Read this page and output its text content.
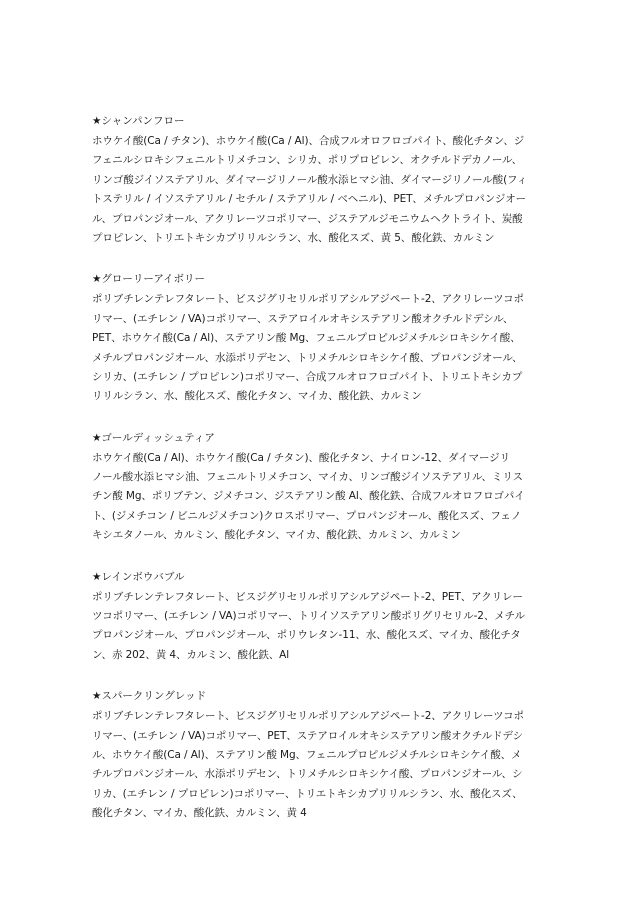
★シャンパンフロー
ホウケイ酸(Ca / チタン)、ホウケイ酸(Ca / Al)、合成フルオロフロゴパイト、酸化チタン、ジ
フェニルシロキシフェニルトリメチコン、シリカ、ポリプロピレン、オクチルドデカノール、
リンゴ酸ジイソステアリル、ダイマージリノール酸水添ヒマシ油、ダイマージリノール酸(フィ
トステリル / イソステアリル / セチル / ステアリル / ベヘニル)、PET、メチルプロパンジオー
ル、プロパンジオール、アクリレーツコポリマー、ジステアルジモニウムヘクトライト、炭酸
プロピレン、トリエトキシカプリリルシラン、水、酸化スズ、黄 5、酸化鉄、カルミン
★グローリーアイボリー
ポリブチレンテレフタレート、ビスジグリセリルポリアシルアジペート-2、アクリレーツコポ
リマー、(エチレン / VA)コポリマー、ステアロイルオキシステアリン酸オクチルドデシル、
PET、ホウケイ酸(Ca / Al)、ステアリン酸 Mg、フェニルプロピルジメチルシロキシケイ酸、
メチルプロパンジオール、水添ポリデセン、トリメチルシロキシケイ酸、プロパンジオール、
シリカ、(エチレン / プロピレン)コポリマー、合成フルオロフロゴパイト、トリエトキシカプ
リリルシラン、水、酸化スズ、酸化チタン、マイカ、酸化鉄、カルミン
★ゴールディッシュティア
ホウケイ酸(Ca / Al)、ホウケイ酸(Ca / チタン)、酸化チタン、ナイロン-12、ダイマージリ
ノール酸水添ヒマシ油、フェニルトリメチコン、マイカ、リンゴ酸ジイソステアリル、ミリス
チン酸 Mg、ポリブテン、ジメチコン、ジステアリン酸 Al、酸化鉄、合成フルオロフロゴパイ
ト、(ジメチコン / ビニルジメチコン)クロスポリマー、プロパンジオール、酸化スズ、フェノ
キシエタノール、カルミン、酸化チタン、マイカ、酸化鉄、カルミン、カルミン
★レインボウバブル
ポリブチレンテレフタレート、ビスジグリセリルポリアシルアジペート-2、PET、アクリレー
ツコポリマー、(エチレン / VA)コポリマー、トリイソステアリン酸ポリグリセリル-2、メチル
プロパンジオール、プロパンジオール、ポリウレタン-11、水、酸化スズ、マイカ、酸化チタ
ン、赤 202、黄 4、カルミン、酸化鉄、Al
★スパークリングレッド
ポリブチレンテレフタレート、ビスジグリセリルポリアシルアジペート-2、アクリレーツコポ
リマー、(エチレン / VA)コポリマー、PET、ステアロイルオキシステアリン酸オクチルドデシ
ル、ホウケイ酸(Ca / Al)、ステアリン酸 Mg、フェニルプロピルジメチルシロキシケイ酸、メ
チルプロパンジオール、水添ポリデセン、トリメチルシロキシケイ酸、プロパンジオール、シ
リカ、(エチレン / プロピレン)コポリマー、トリエトキシカプリリルシラン、水、酸化スズ、
酸化チタン、マイカ、酸化鉄、カルミン、黄 4
